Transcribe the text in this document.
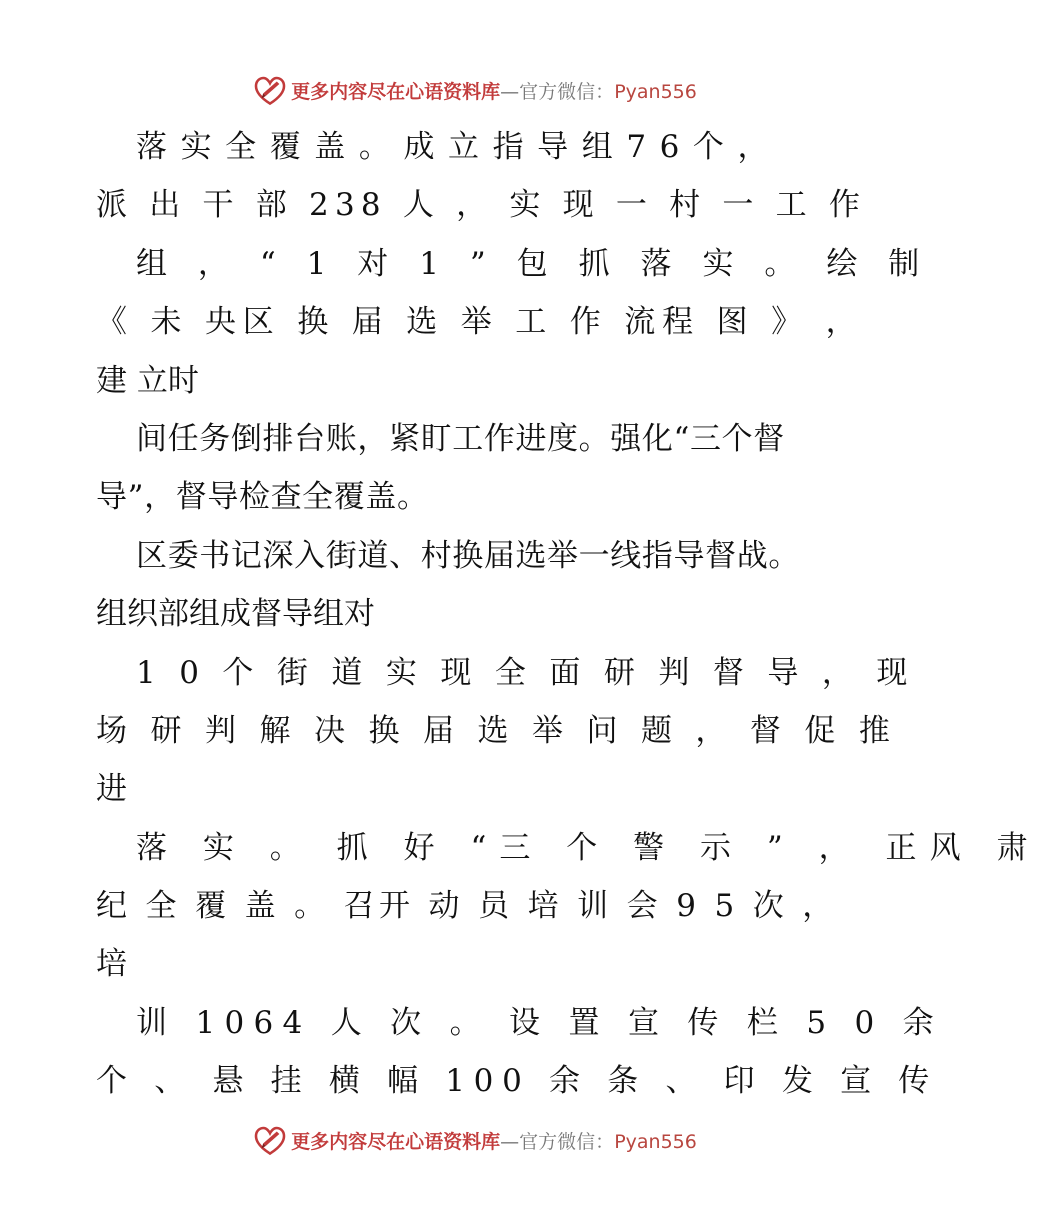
更多内容尽在心语资料库—官方微信：Pyan556
落 实 全 覆 盖 。 成 立 指 导 组 7 6 个 ，
派 出 干 部 238 人 ， 实 现 一 村 一 工 作
组 ， “ 1 对 1 ” 包 抓 落 实 。 绘 制
《 未 央区 换 届 选 举 工 作 流程 图 》 ，
建 立时
间任务倒排台账，紧盯工作进度。强化“三个督
导”，督导检查全覆盖。
区委书记深入街道、村换届选举一线指导督战。
组织部组成督导组对
1 0 个 街 道 实 现 全 面 研 判 督 导 ， 现
场 研 判 解 决 换 届 选 举 问 题 ， 督 促 推
进
落 实 。 抓 好 “三 个 警 示 ” ， 正风 肃
纪 全 覆 盖 。 召开 动 员 培 训 会 9 5 次 ，
培
训 1064 人 次 。 设 置 宣 传 栏 5 0 余
个 、 悬 挂 横 幅 100 余 条 、 印 发 宣 传
更多内容尽在心语资料库—官方微信：Pyan556
